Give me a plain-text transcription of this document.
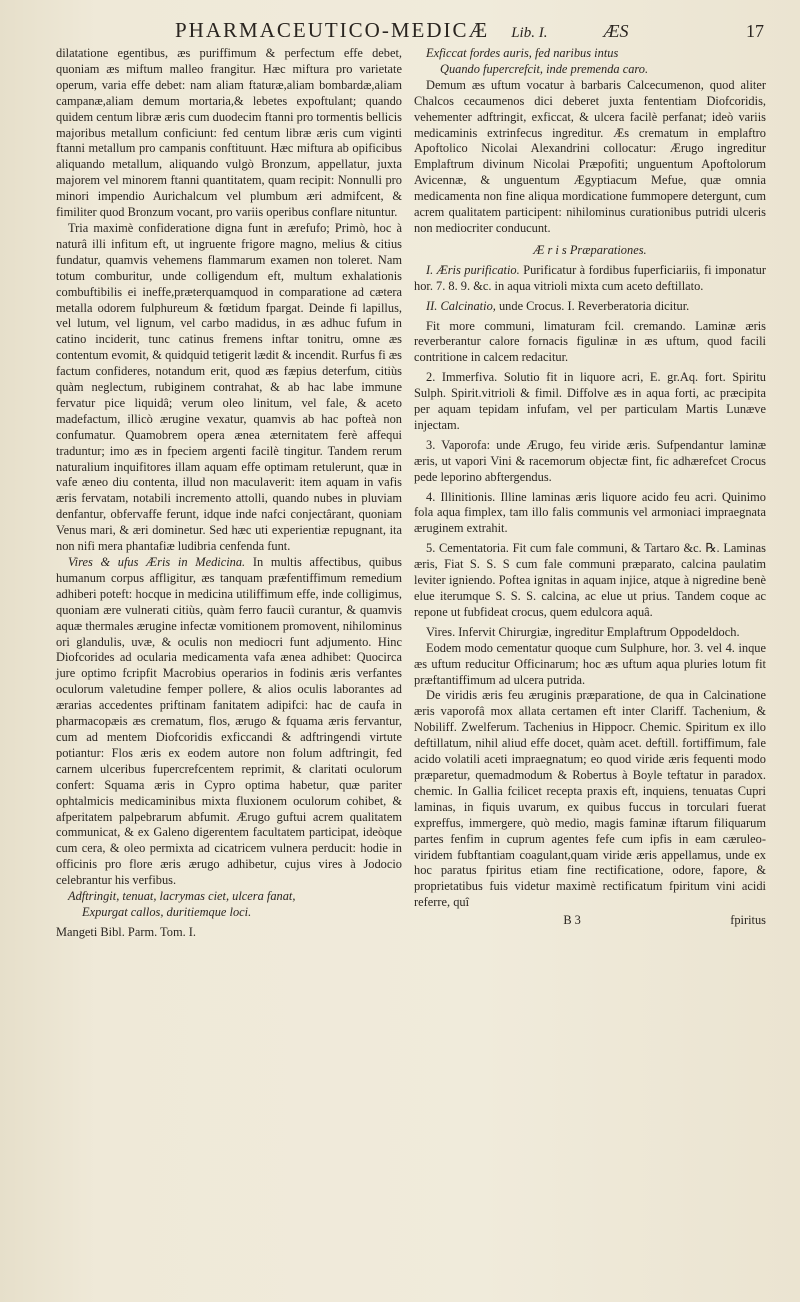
PHARMACEUTICO-MEDICÆ Lib. I.	ÆS	17

dilatatione egentibus, æs puriffimum & perfectum effe debet, quoniam æs miftum malleo frangitur. Hæc miftura pro varietate operum, varia effe debet: nam aliam ftaturæ,aliam bombardæ,aliam campanæ,aliam demum mortaria,& lebetes expoftulant; quando quidem centum libræ æris cum duodecim ftanni pro tormentis bellicis majoribus metallum conficiunt: fed centum libræ æris cum viginti ftanni metallum pro campanis conftituunt. Hæc miftura ab opificibus aliquando metallum, aliquando vulgò Bronzum, appellatur, juxta majorem vel minorem ftanni quantitatem, quam recipit: Nonnulli pro minori impendio Aurichalcum vel plumbum æri admifcent, & fimiliter quod Bronzum vocant, pro variis operibus conflare nituntur.

Tria maximè confideratione digna funt in ærefufo; Primò, hoc à naturâ illi infitum eft, ut ingruente frigore magno, melius & citius fundatur, quamvis vehemens flammarum examen non toleret. Nam totum comburitur, unde colligendum eft, multum exhalationis combuftibilis ei ineffe,præterquamquod in comparatione ad cætera metalla odorem fulphureum & fœtidum fpargat. Deinde fi lapillus, vel lutum, vel lignum, vel carbo madidus, in æs adhuc fufum in catino inciderit, tunc catinus fremens inftar tonitru, omne æs contentum evomit, & quidquid tetigerit lædit & incendit. Rurfus fi æs factum confideres, notandum erit, quod æs fæpius deterfum, citiùs quàm neglectum, rubiginem contrahat, & ab hac labe immune fervatur pice liquidâ; verum oleo linitum, vel fale, & aceto madefactum, illicò ærugine vexatur, quamvis ab hac pofteà non confumatur. Quamobrem opera ænea æternitatem ferè affequi traduntur; imo æs in fpeciem argenti facilè tingitur. Tandem rerum naturalium inquifitores illam aquam effe optimam retulerunt, quæ in vafe æneo diu contenta, illud non maculaverit: item aquam in vafis æris fervatam, notabili incremento attolli, quando nubes in pluviam denfantur, obfervaffe ferunt, idque inde nafci conjectârant, quoniam Venus mari, & æri dominetur. Sed hæc uti experientiæ repugnant, ita non nifi mera phantafiæ ludibria cenfenda funt.

Vires & ufus Æris in Medicina. In multis affectibus, quibus humanum corpus affligitur, æs tanquam præfentiffimum remedium adhiberi poteft: hocque in medicina utiliffimum effe, inde colligimus, quoniam ære vulnerati citiùs, quàm ferro fauciì curantur, & quamvis aquæ thermales ærugine infectæ vomitionem promovent, nihilominus ori glandulis, uvæ, & oculis non mediocri funt adjumento. Hinc Diofcorides ad ocularia medicamenta vafa ænea adhibet: Quocirca jure optimo fcripfit Macrobius operarios in fodinis æris verfantes oculorum valetudine femper pollere, & alios oculis laborantes ad ærarias accedentes priftinam fanitatem adipifci: hac de caufa in pharmacopæis æs crematum, flos, ærugo & fquama æris fervantur, cum ad mentem Diofcoridis exficcandi & adftringendi virtute potiantur: Flos æris ex eodem autore non folum adftringit, fed carnem ulceribus fupercrefcentem reprimit, & claritati oculorum confert: Squama æris in Cypro optima habetur, quæ pariter ophtalmicis medicaminibus mixta fluxionem oculorum cohibet, & afperitatem palpebrarum abfumit. Ærugo guftui acrem qualitatem communicat, & ex Galeno digerentem facultatem participat, ideòque cum cera, & oleo permixta ad cicatricem vulnera perducit: hodie in officinis pro flore æris ærugo adhibetur, cujus vires à Jodocio celebrantur his verfibus.

Adftringit, tenuat, lacrymas ciet, ulcera fanat,

Expurgat callos, duritiemque loci.

Mangeti Bibl. Parm. Tom. I.

Exficcat fordes auris, fed naribus intus

Quando fupercrefcit, inde premenda caro.

Demum æs uftum vocatur à barbaris Calcecumenon, quod aliter Chalcos cecaumenos dici deberet juxta fententiam Diofcoridis, vehementer adftringit, exficcat, & ulcera facilè perfanat; ideò variis medicaminis extrinfecus ingreditur. Æs crematum in emplaftro Apoftolico Nicolai Alexandrini collocatur: Ærugo ingreditur Emplaftrum divinum Nicolai Præpofiti; unguentum Apoftolorum Avicennæ, & unguentum Ægyptiacum Mefue, quæ omnia medicamenta non fine aliqua mordicatione fummopere detergunt, cum acrem qualitatem participent: nihilominus curationibus putridi ulceris non mediocriter conducunt.

Æ r i s Præparationes.

I. Æris purificatio. Purificatur à fordibus fuperficiariis, fi imponatur hor. 7. 8. 9. &c. in aqua vitrioli mixta cum aceto deftillato.

II. Calcinatio, unde Crocus. I. Reverberatoria dicitur.

Fit more communi, limaturam fcil. cremando. Laminæ æris reverberantur calore fornacis figulinæ in æs uftum, quod facili contritione in calcem redacitur.

2. Immerfiva. Solutio fit in liquore acri, E. gr.Aq. fort. Spiritu Sulph. Spirit.vitrioli & fimil. Diffolve æs in aqua forti, ac præcipita per aquam tepidam infufam, vel per particulam Martis Lunæve injectam.

3. Vaporofa: unde Ærugo, feu viride æris. Sufpendantur laminæ æris, ut vapori Vini & racemorum objectæ fint, fic adhærefcet Crocus pede leporino abftergendus.

4. Illinitionis. Illine laminas æris liquore acido feu acri. Quinimo fola aqua fimplex, tam illo falis communis vel armoniaci impraegnata æruginem extrahit.

5. Cementatoria. Fit cum fale communi, & Tartaro &c. ℞. Laminas æris, Fiat S. S. S cum fale communi præparato, calcina paulatim leviter igniendo. Poftea ignitas in aquam injice, atque à nigredine benè elue iterumque S. S. S. calcina, ac elue ut prius. Tandem coque ac repone ut fubfideat crocus, quem edulcora aquâ.

Vires. Infervit Chirurgiæ, ingreditur Emplaftrum Oppodeldoch.

Eodem modo cementatur quoque cum Sulphure, hor. 3. vel 4. inque æs uftum reducitur Officinarum; hoc æs uftum aqua pluries lotum fit præftantiffimum ad ulcera putrida.

De viridis æris feu æruginis præparatione, de qua in Calcinatione æris vaporofâ mox allata certamen eft inter Clariff. Tachenium, & Nobiliff. Zwelferum. Tachenius in Hippocr. Chemic. Spiritum ex illo deftillatum, nihil aliud effe docet, quàm acet. deftill. fortiffimum, fale acido volatili aceti impraegnatum; eo quod viride æris fequenti modo præparetur, quemadmodum & Robertus à Boyle teftatur in paradox. chemic. In Gallia fcilicet recepta praxis eft, inquiens, tenuatas Cupri laminas, in fiquis uvarum, ex quibus fuccus in torculari fuerat expreffus, immergere, quò medio, magis faminæ iftarum filiquarum partes fenfim in cuprum agentes fefe cum ipfis in eam cæruleo-viridem fubftantiam coagulant,quam viride æris appellamus, unde ex hoc paratus fpiritus etiam fine rectificatione, odore, fapore, & proprietatibus fuis videtur maximè rectificatum fpiritum vini acidi referre, quî

B 3	fpiritus
